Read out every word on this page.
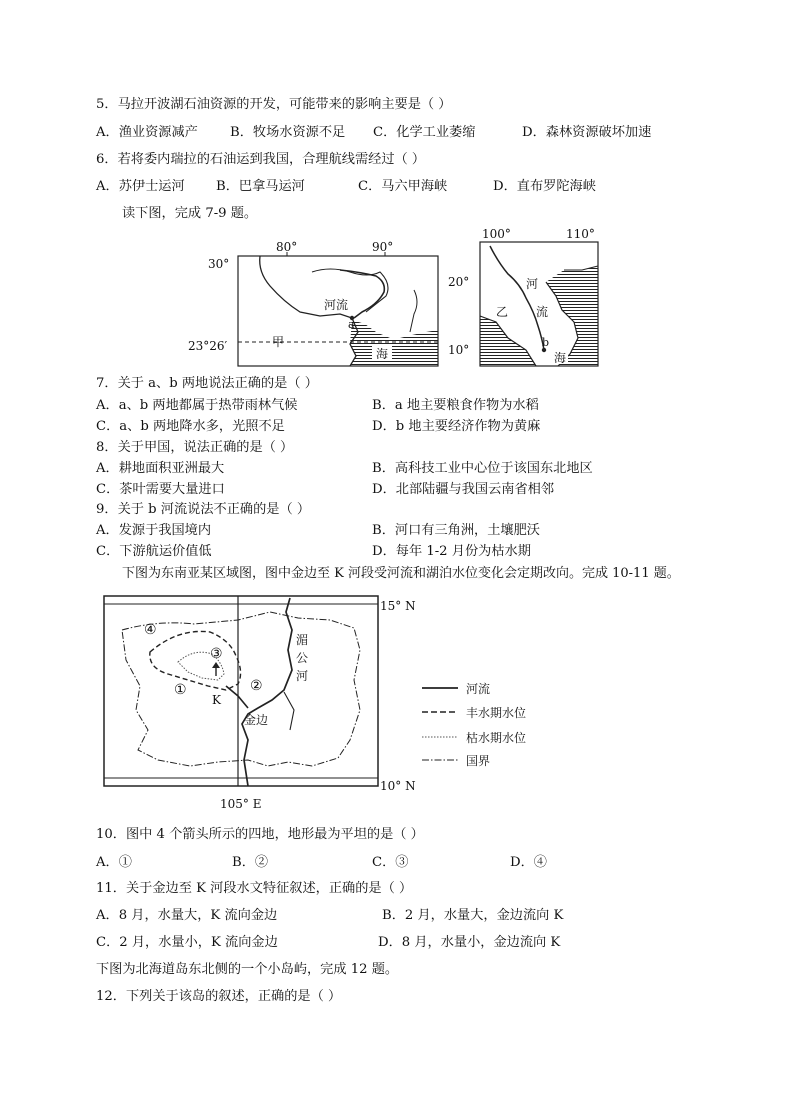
5．马拉开波湖石油资源的开发，可能带来的影响主要是（ ）
A．渔业资源减产 B．牧场水资源不足 C．化学工业萎缩	D．森林资源破坏加速
6．若将委内瑞拉的石油运到我国，合理航线需经过（ ）
A．苏伊士运河 B．巴拿马运河	C．马六甲海峡	D．直布罗陀海峡
读下图，完成 7-9 题。
80°	90°
30°
23°26′
河流
a
甲
海
100°	110°
20°
10°
河
流
乙
b
海
7．关于 a、b 两地说法正确的是（ ）
A．a、b 两地都属于热带雨林气候	B．a 地主要粮食作物为水稻
C．a、b 两地降水多，光照不足	D．b 地主要经济作物为黄麻
8．关于甲国，说法正确的是（ ）
A．耕地面积亚洲最大	B．高科技工业中心位于该国东北地区
C．茶叶需要大量进口	D．北部陆疆与我国云南省相邻
9．关于 b 河流说法不正确的是（ ）
A．发源于我国境内	B．河口有三角洲，土壤肥沃
C．下游航运价值低	D．每年 1-2 月份为枯水期
下图为东南亚某区域图，图中金边至 K 河段受河流和湖泊水位变化会定期改向。完成 10-11 题。
15° N
10° N
105° E
④
③
①	②
K
金边
湄
公
河
河流
丰水期水位
枯水期水位
国界
10．图中 4 个箭头所示的四地，地形最为平坦的是（ ）
A．①	B．②	C．③	D．④
11．关于金边至 K 河段水文特征叙述，正确的是（ ）
A．8 月，水量大，K 流向金边	B．2 月，水量大，金边流向 K
C．2 月，水量小，K 流向金边	D．8 月，水量小，金边流向 K
下图为北海道岛东北侧的一个小岛屿，完成 12 题。
12．下列关于该岛的叙述，正确的是（ ）
